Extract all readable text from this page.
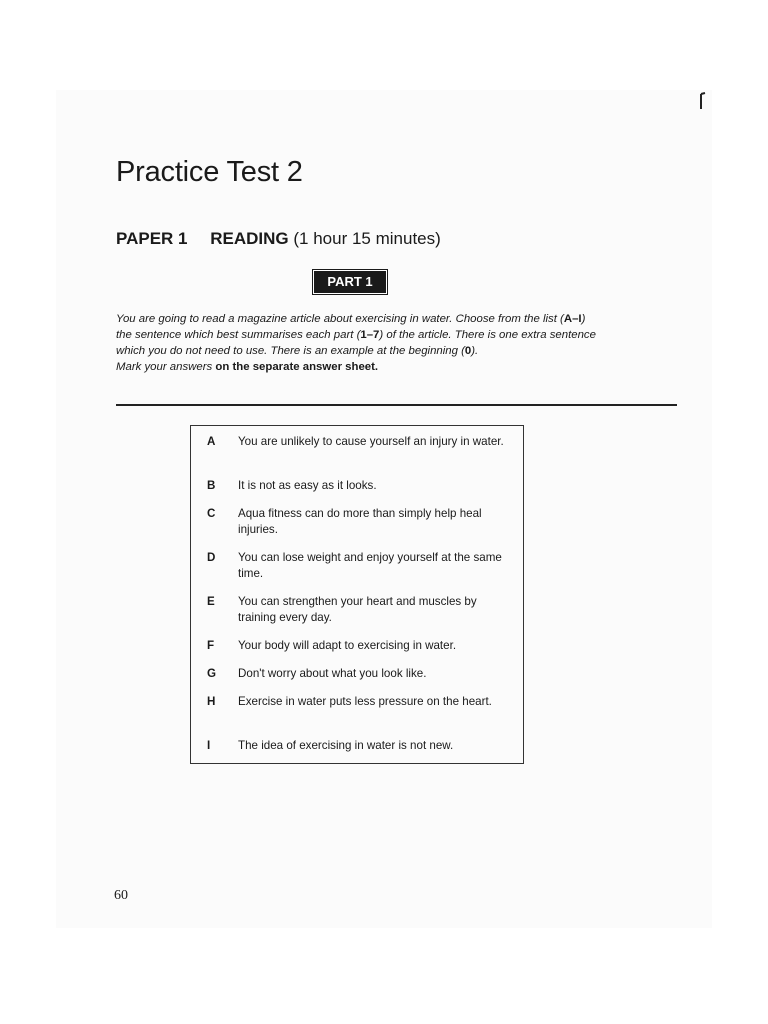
Practice Test 2
PAPER 1 READING (1 hour 15 minutes)
PART 1

You are going to read a magazine article about exercising in water. Choose from the list (A–I) the sentence which best summarises each part (1–7) of the article. There is one extra sentence which you do not need to use. There is an example at the beginning (0).
Mark your answers on the separate answer sheet.

A	You are unlikely to cause yourself an injury in water.
B	It is not as easy as it looks.
C	Aqua fitness can do more than simply help heal injuries.
D	You can lose weight and enjoy yourself at the same time.
E	You can strengthen your heart and muscles by training every day.
F	Your body will adapt to exercising in water.
G	Don't worry about what you look like.
H	Exercise in water puts less pressure on the heart.
I	The idea of exercising in water is not new.
60
